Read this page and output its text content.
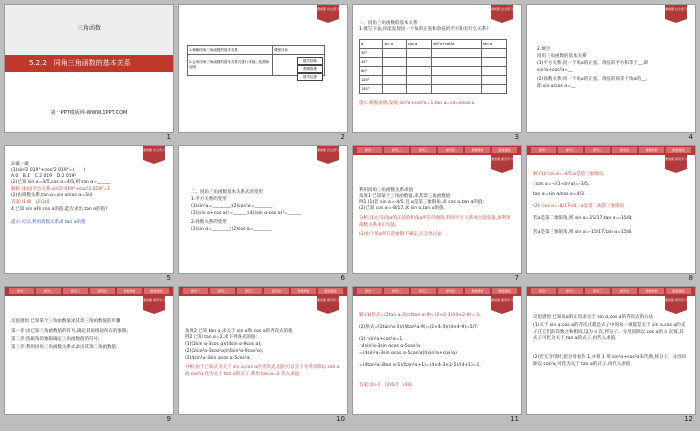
三角函数
5.2.2　同角三角函数的基本关系
第一PPT模板网-WWW.1PPT.COM
1
课前篇 自主预习
1.理解同角三角函数的基本关系	课程目标
2.会用同角三角函数的基本关系式进行求值、化简和证明	
数学抽象
逻辑推理
数学运算
2
课前篇 自主预习
一、同角三角函数的基本关系
1.填写下表,你能发现同一个角的正弦和余弦的平方和有什么关系?
α	sin α	cos α	sin²α+cos²α	tan α
30°				
45°				
60°				
120°				
150°				
提示:根据表格,发现 sin²α+cos²α=1,tan α=sin α/cos α
3
课前篇 自主预习
2.填空
同角三角函数的基本关系
(1)平方关系:同一个角α的正弦、余弦的平方和等于__,即
sin²α+cos²α=__
(2)商数关系:同一个角α的正弦、余弦的商等于角α的__,
即 sin α/cos α=__
4
课前篇 自主预习
3.做一做
(1)sin²2 019°+cos²2 019°=(　　)
A.0　B.1　C.2 019　D.2 019²
(2)已知 sin α=3/5,cos α=4/5,则 tan α=______
解析:(1)由平方关系,sin²2 019°+cos²2 019°=1
(2)由商数关系,tan α=sin α/cos α=3/4
答案:(1)B　(2)3/4
4.已知 sin α和 cos α的值,能否求出 tan α的值?
提示:可以,利用商数关系求 tan α的值
5
课前篇 自主预习
二、同角三角函数基本关系式的变形
1.平方关系的变形
(1)sin²α=________;(2)cos²α=________
(3)(sin α+cos α)²=______;(4)(sin α-cos α)²=______
2.商数关系的变形
(1)sin α=________;(2)cos α=________
6
探究一	探究二	探究三	探究四	思维辨析	随堂演练
课堂篇 探究学习
利用同角三角函数关系求值
角度1 已知某个三角函数值,求其余三角函数值
例1 (1)若 sin α=-4/5,且 α是第三象限角,求 cos α,tan α的值;
(2)已知 cos α=-8/17,求 sin α,tan α的值.
分析:(1)已知角α的正弦值和角α所在的象限,利用平方关系求出余弦值,再利用商数关系求正切值;
(2)由于角α所在的象限不确定,应分类讨论
7
探究一	探究二	探究三	探究四	思维辨析	随堂演练
课堂篇 探究学习
解:(1)∵sin α=-4/5,α是第三象限角,
∴cos α=-√(1-sin²α)=-3/5,
tan α=sin α/cos α=4/3.
(2)∵cos α=-8/17<0,∴α是第二或第三象限角.
若α是第二象限角,则 sin α=15/17,tan α=-15/8;
若α是第三象限角,则 sin α=-15/17,tan α=15/8.
8
探究一	探究二	探究三	探究四	思维辨析	随堂演练
课堂篇 探究学习
反思感悟 已知某个三角函数值求其余三角函数值的步骤
第一步:由已知三角函数值的符号,确定其角终边所在的象限;
第二步:依据角的象限确定三角函数值的符号;
第三步:利用同角三角函数关系式求出其余三角函数值.
9
探究一	探究二	探究三	探究四	思维辨析	随堂演练
课堂篇 探究学习
角度2 已知 tan α,求关于 sin α和 cos α的齐次式的值
例2 已知 tan α=2,求下列各式的值:
(1)(2sin α-3cos α)/(4sin α-9cos α);
(2)(2sin²α-3cos²α)/(4sin²α-9cos²α);
(3)4sin²α-3sin αcos α-5cos²α.
分析:由于已知式为关于 sin α,cos α的齐次式,因此可以分子分母同除以 cos α或 cos²α,化为关于 tan α的式子,利用 tan α=2 代入求值
10
探究一	探究二	探究三	探究四	思维辨析	随堂演练
课堂篇 探究学习
解:(1)原式=(2tan α-3)/(4tan α-9)=(2×2-3)/(4×2-9)=-1.
(2)原式=(2tan²α-3)/(4tan²α-9)=(2×4-3)/(4×4-9)=5/7.
(3)∵sin²α+cos²α=1,
∴4sin²α-3sin αcos α-5cos²α
=(4sin²α-3sin αcos α-5cos²α)/(sin²α+cos²α)
=(4tan²α-3tan α-5)/(tan²α+1)=(4×4-3×2-5)/(4+1)=1.
答案:(1)-1　(2)5/7　(3)1
11
探究一	探究二	探究三	探究四	思维辨析	随堂演练
课堂篇 探究学习
反思感悟 已知角α的正切求关于 sin α,cos α的齐次式的方法
(1)关于 sin α,cos α的齐次式就是式子中的每一项都是关于 sin α,cos α的式子且它们的次数之和相同,设为 n 次,将分子、分母同除以 cos α的 n 次幂,其式子可化为关于 tan α的式子,再代入求值.
(2)若无分母时,把分母看作 1,并将 1 用 sin²α+cos²α来代换,将分子、分母同除以 cos²α,可化为关于 tan α的式子,再代入求值.
12
